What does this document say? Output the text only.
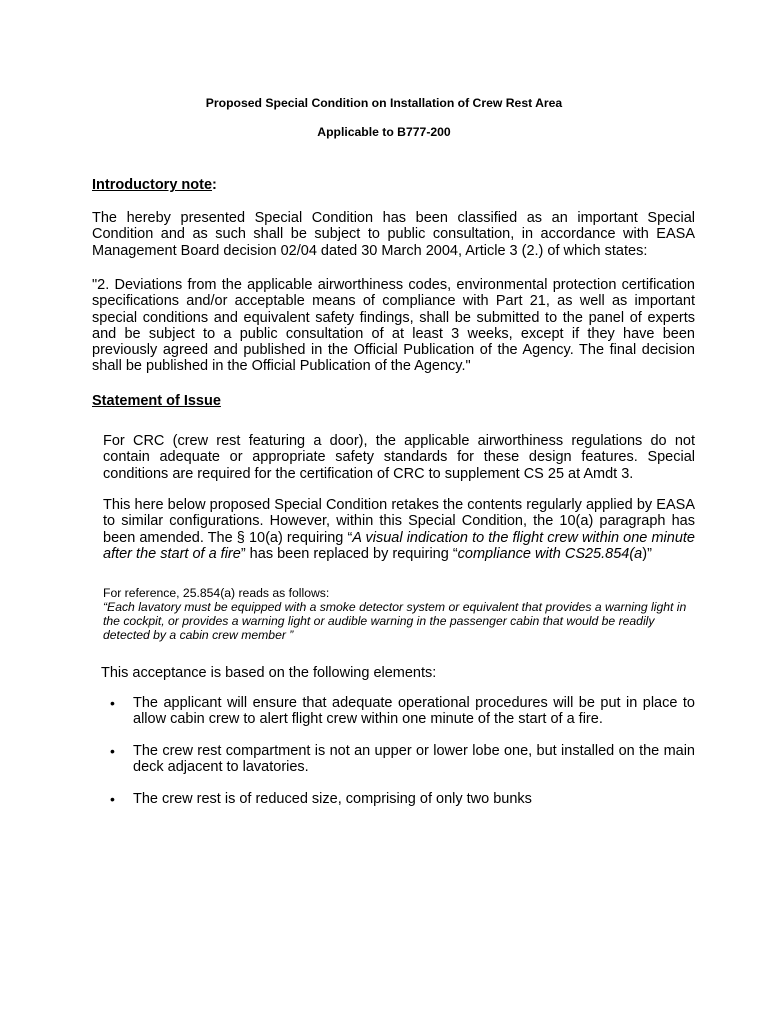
Proposed Special Condition on Installation of Crew Rest Area
Applicable to B777-200
Introductory note:
The hereby presented Special Condition has been classified as an important Special Condition and as such shall be subject to public consultation, in accordance with EASA Management Board decision 02/04 dated 30 March 2004, Article 3 (2.) of which states:
"2. Deviations from the applicable airworthiness codes, environmental protection certification specifications and/or acceptable means of compliance with Part 21, as well as important special conditions and equivalent safety findings, shall be submitted to the panel of experts and be subject to a public consultation of at least 3 weeks, except if they have been previously agreed and published in the Official Publication of the Agency. The final decision shall be published in the Official Publication of the Agency."
Statement of Issue
For CRC (crew rest featuring a door), the applicable airworthiness regulations do not contain adequate or appropriate safety standards for these design features. Special conditions are required for the certification of CRC to supplement CS 25 at Amdt 3.
This here below proposed Special Condition retakes the contents regularly applied by EASA to similar configurations. However, within this Special Condition, the 10(a) paragraph has been amended. The § 10(a) requiring “A visual indication to the flight crew within one minute after the start of a fire” has been replaced by requiring “compliance with CS25.854(a)”
For reference, 25.854(a) reads as follows:
“Each lavatory must be equipped with a smoke detector system or equivalent that provides a warning light in the cockpit, or provides a warning light or audible warning in the passenger cabin that would be readily detected by a cabin crew member ”
This acceptance is based on the following elements:
• The applicant will ensure that adequate operational procedures will be put in place to allow cabin crew to alert flight crew within one minute of the start of a fire.
• The crew rest compartment is not an upper or lower lobe one, but installed on the main deck adjacent to lavatories.
• The crew rest is of reduced size, comprising of only two bunks
